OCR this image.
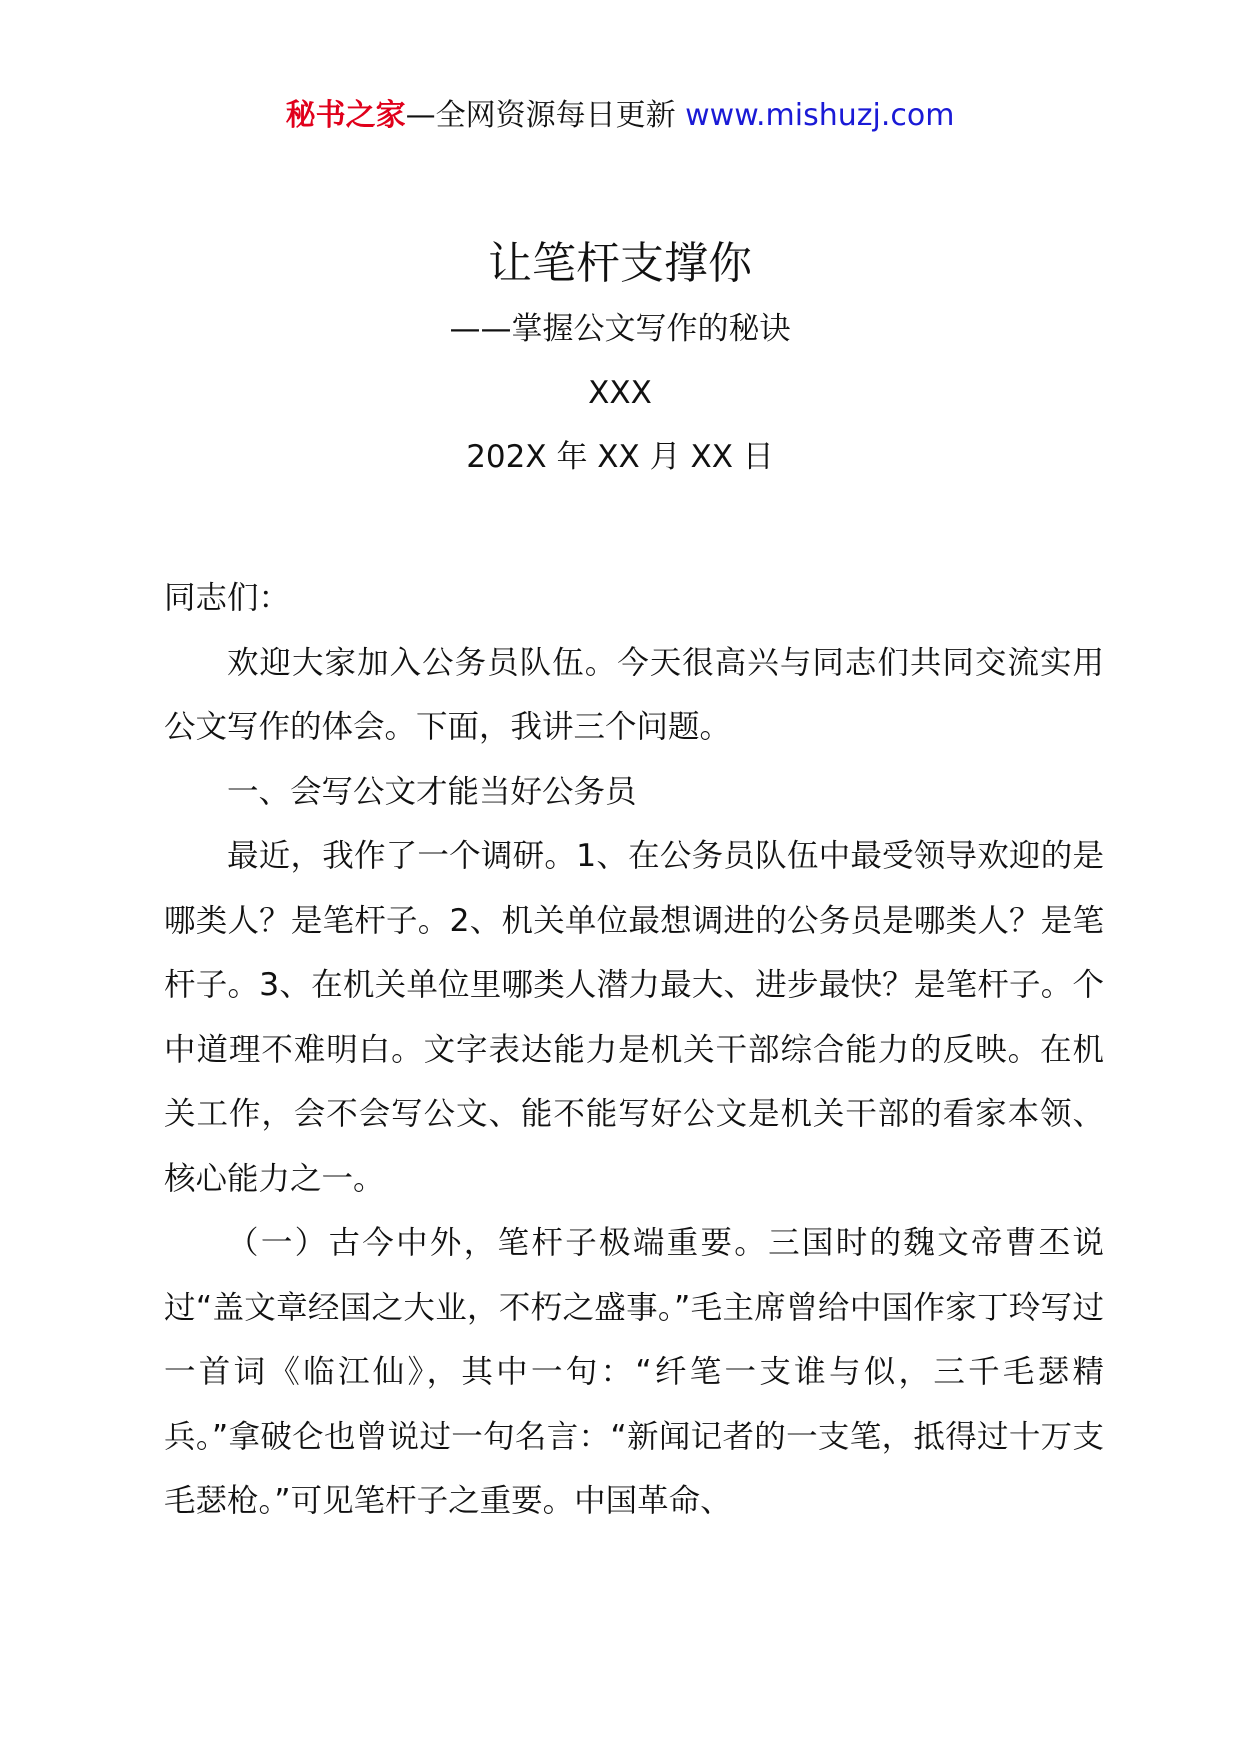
秘书之家—全网资源每日更新 www.mishuzj.com
让笔杆支撑你
——掌握公文写作的秘诀
XXX
202X 年 XX 月 XX 日

同志们：

欢迎大家加入公务员队伍。今天很高兴与同志们共同交流实用公文写作的体会。下面，我讲三个问题。

一、会写公文才能当好公务员

最近，我作了一个调研。1、在公务员队伍中最受领导欢迎的是哪类人？是笔杆子。2、机关单位最想调进的公务员是哪类人？是笔杆子。3、在机关单位里哪类人潜力最大、进步最快？是笔杆子。个中道理不难明白。文字表达能力是机关干部综合能力的反映。在机关工作，会不会写公文、能不能写好公文是机关干部的看家本领、核心能力之一。

（一）古今中外，笔杆子极端重要。三国时的魏文帝曹丕说过“盖文章经国之大业，不朽之盛事。”毛主席曾给中国作家丁玲写过一首词《临江仙》，其中一句：“纤笔一支谁与似，三千毛瑟精兵。”拿破仑也曾说过一句名言：“新闻记者的一支笔，抵得过十万支毛瑟枪。”可见笔杆子之重要。中国革命、
